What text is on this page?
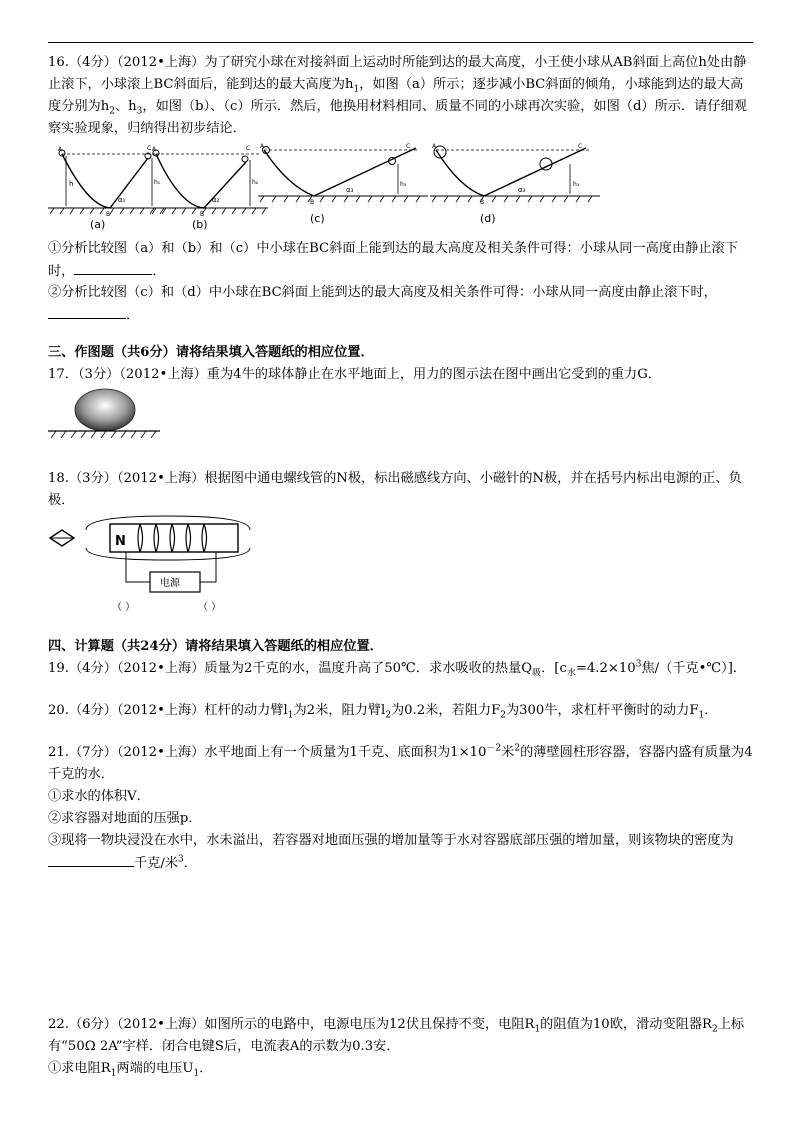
16.（4分）（2012•上海）为了研究小球在对接斜面上运动时所能到达的最大高度，小王使小球从AB斜面上高位h处由静止滚下，小球滚上BC斜面后，能到达的最大高度为$h_1$，如图（a）所示；逐步减小BC斜面的倾角，小球能到达的最大高度分别为$h_2$、$h_3$，如图（b）、（c）所示．然后，他换用材料相同、质量不同的小球再次实验，如图（d）所示．请仔细观察实验现象，归纳得出初步结论．

A	C
B
h	h₁
α₁
(a)
A	C
B
h₂
α₂
(b)
A	C
B
h₃
α₃
(c)
A	C
B
h₃
α₃
(d)

①分析比较图（a）和（b）和（c）中小球在BC斜面上能到达的最大高度及相关条件可得：小球从同一高度由静止滚下时，	．

②分析比较图（c）和（d）中小球在BC斜面上能到达的最大高度及相关条件可得：小球从同一高度由静止滚下时，．

三、作图题（共6分）请将结果填入答题纸的相应位置．

17．（3分）（2012•上海）重为4牛的球体静止在水平地面上，用力的图示法在图中画出它受到的重力G．

18.（3分）（2012•上海）根据图中通电螺线管的N极，标出磁感线方向、小磁针的N极，并在括号内标出电源的正、负极．

N
电源
（ ）	（ ）

四、计算题（共24分）请将结果填入答题纸的相应位置．

19.（4分）（2012•上海）质量为2千克的水，温度升高了50℃．求水吸收的热量$Q_吸$．[$c_水=4.2\times 10^3$焦/（千克•℃）]．

20.（4分）（2012•上海）杠杆的动力臂$l_1$为2米，阻力臂$l_2$为0.2米，若阻力$F_2$为300牛，求杠杆平衡时的动力$F_1$．

21.（7分）（2012•上海）水平地面上有一个质量为1千克、底面积为$1\times 10^{-2}$米$^2$的薄壁圆柱形容器，容器内盛有质量为4千克的水．

①求水的体积V．

②求容器对地面的压强p．

③现将一物块浸没在水中，水未溢出，若容器对地面压强的增加量等于水对容器底部压强的增加量，则该物块的密度为千克/米$^3$．

22.（6分）（2012•上海）如图所示的电路中，电源电压为12伏且保持不变，电阻$R_1$的阻值为10欧，滑动变阻器$R_2$上标有“50Ω 2A”字样．闭合电键S后，电流表A的示数为0.3安．

①求电阻$R_1$两端的电压$U_1$．
